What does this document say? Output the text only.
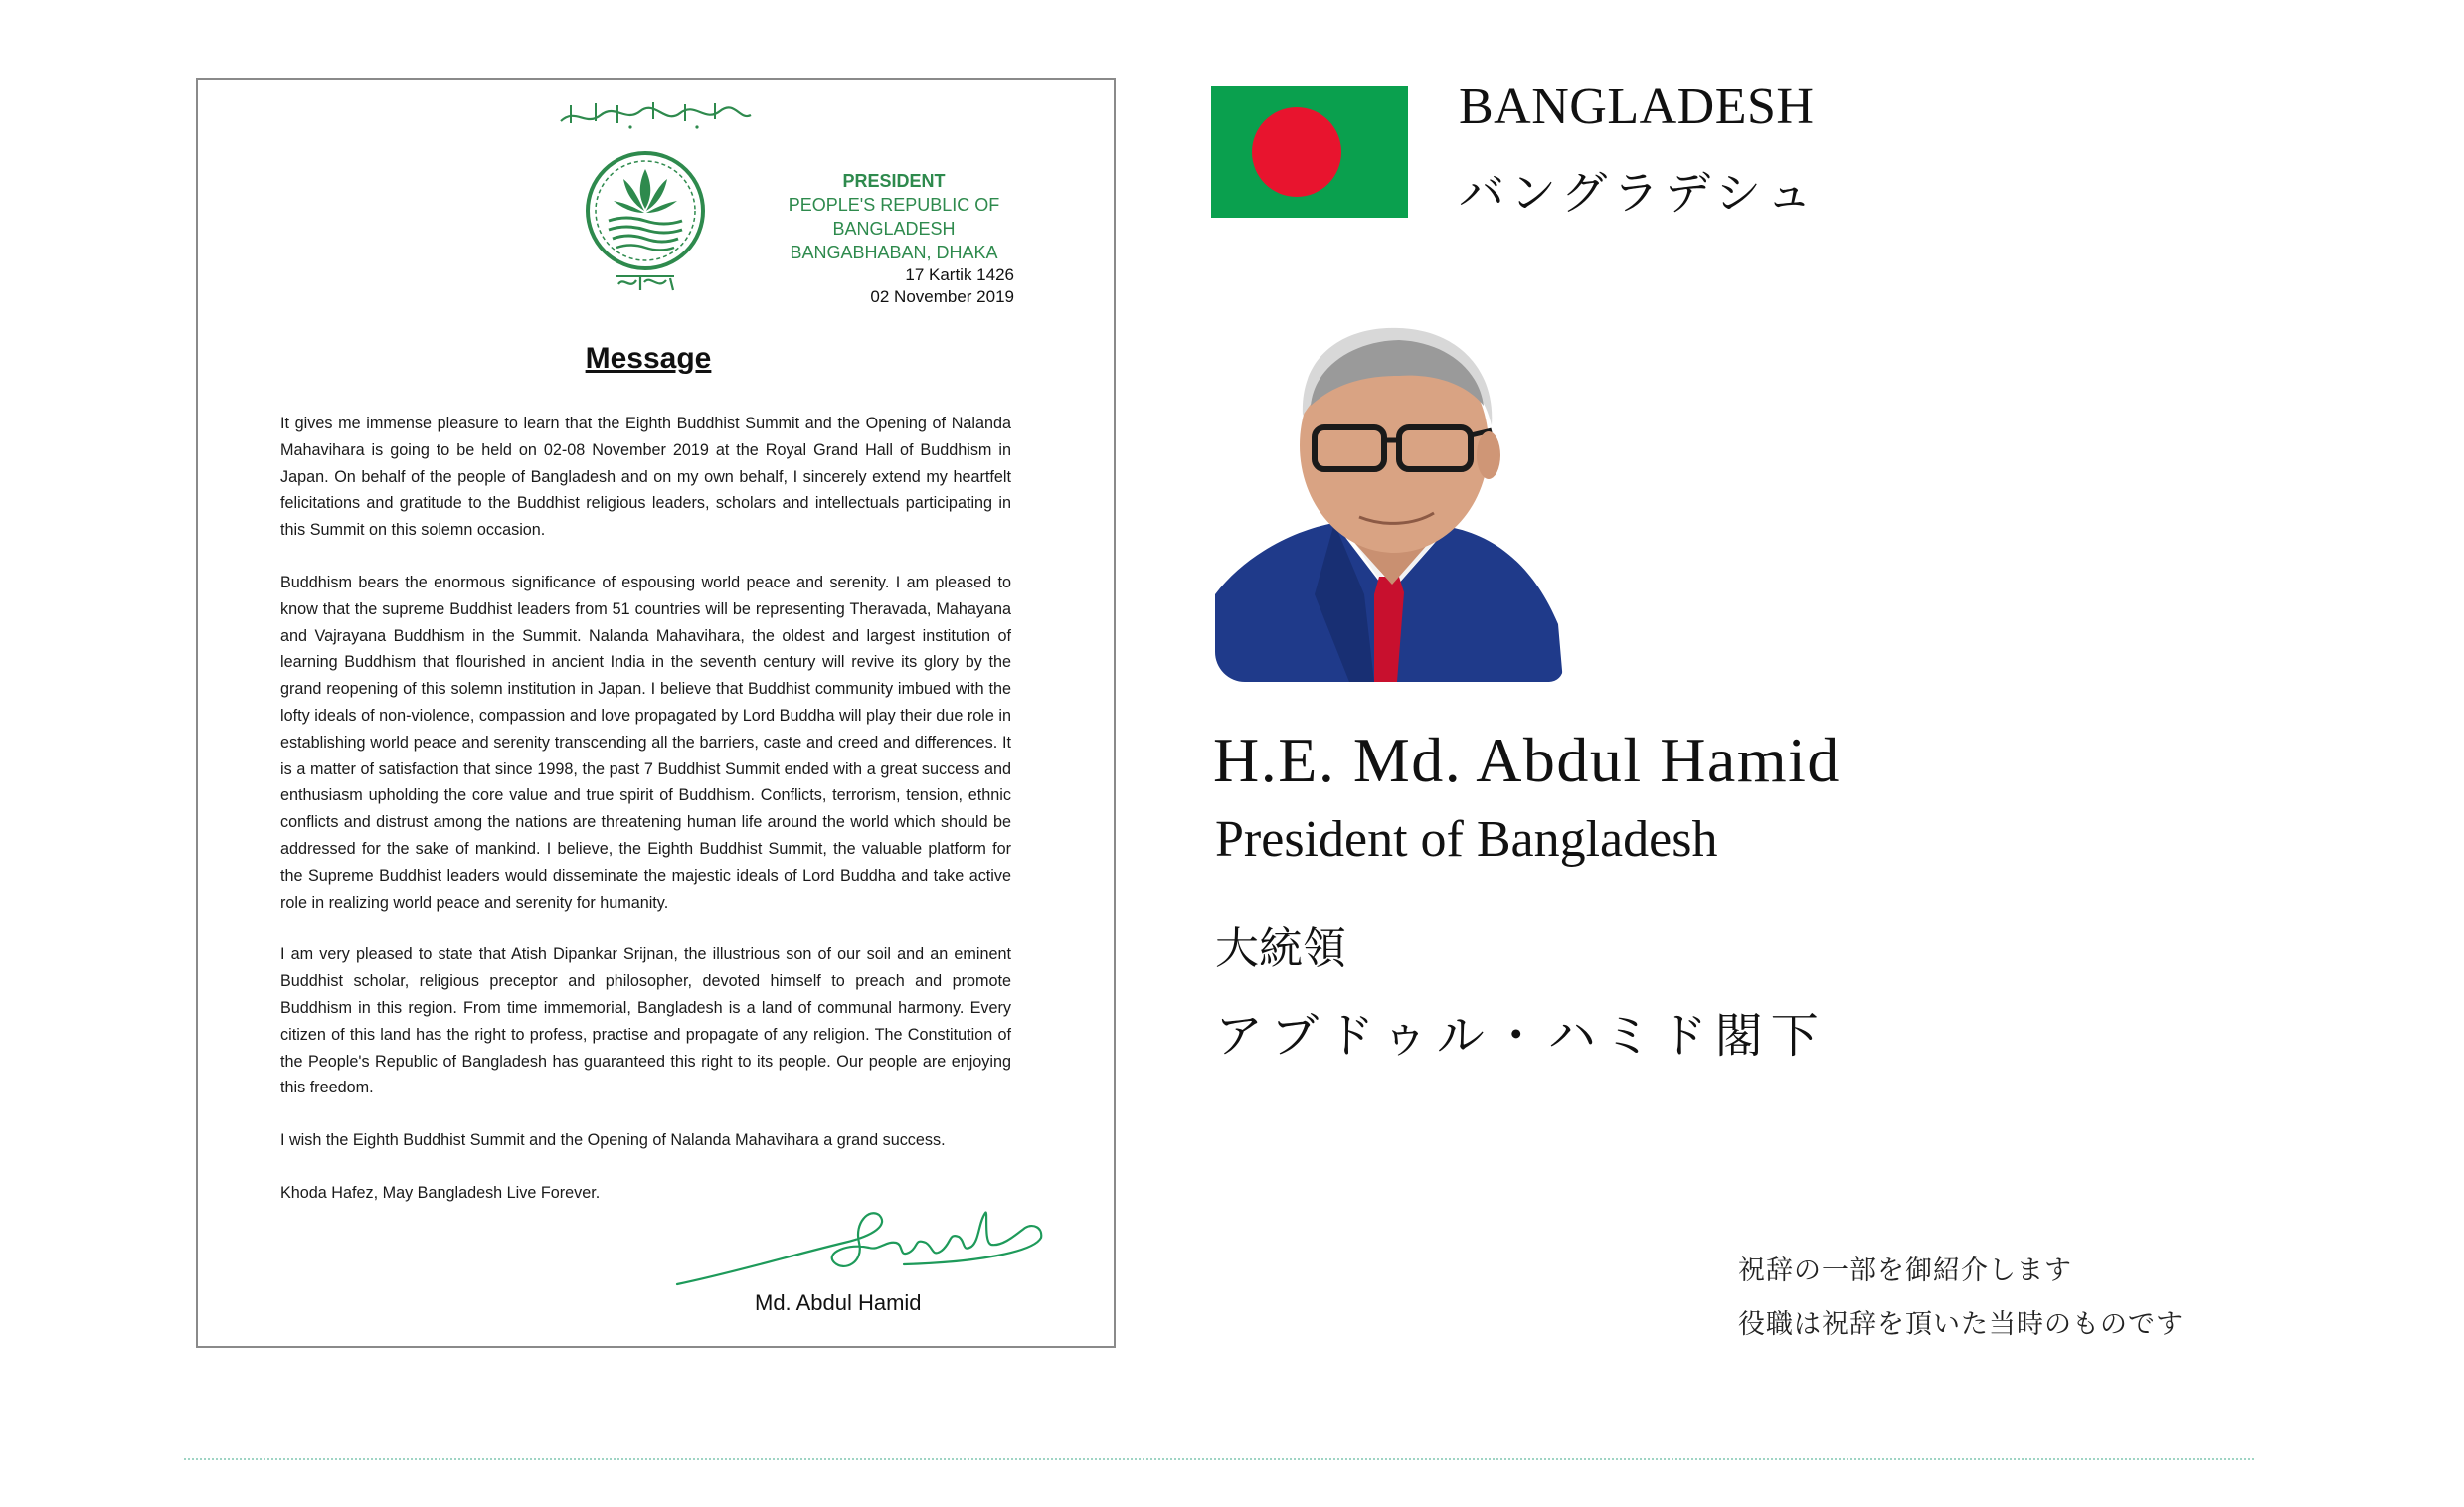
PRESIDENT
PEOPLE'S REPUBLIC OF BANGLADESH
BANGABHABAN, DHAKA
17 Kartik 1426
02 November 2019
Message

It gives me immense pleasure to learn that the Eighth Buddhist Summit and the Opening of Nalanda Mahavihara is going to be held on 02-08 November 2019 at the Royal Grand Hall of Buddhism in Japan. On behalf of the people of Bangladesh and on my own behalf, I sincerely extend my heartfelt felicitations and gratitude to the Buddhist religious leaders, scholars and intellectuals participating in this Summit on this solemn occasion.

Buddhism bears the enormous significance of espousing world peace and serenity. I am pleased to know that the supreme Buddhist leaders from 51 countries will be representing Theravada, Mahayana and Vajrayana Buddhism in the Summit. Nalanda Mahavihara, the oldest and largest institution of learning Buddhism that flourished in ancient India in the seventh century will revive its glory by the grand reopening of this solemn institution in Japan. I believe that Buddhist community imbued with the lofty ideals of non-violence, compassion and love propagated by Lord Buddha will play their due role in establishing world peace and serenity transcending all the barriers, caste and creed and differences. It is a matter of satisfaction that since 1998, the past 7 Buddhist Summit ended with a great success and enthusiasm upholding the core value and true spirit of Buddhism. Conflicts, terrorism, tension, ethnic conflicts and distrust among the nations are threatening human life around the world which should be addressed for the sake of mankind. I believe, the Eighth Buddhist Summit, the valuable platform for the Supreme Buddhist leaders would disseminate the majestic ideals of Lord Buddha and take active role in realizing world peace and serenity for humanity.

I am very pleased to state that Atish Dipankar Srijnan, the illustrious son of our soil and an eminent Buddhist scholar, religious preceptor and philosopher, devoted himself to preach and promote Buddhism in this region. From time immemorial, Bangladesh is a land of communal harmony. Every citizen of this land has the right to profess, practise and propagate of any religion. The Constitution of the People's Republic of Bangladesh has guaranteed this right to its people. Our people are enjoying this freedom.

I wish the Eighth Buddhist Summit and the Opening of Nalanda Mahavihara a grand success.

Khoda Hafez, May Bangladesh Live Forever.

Md. Abdul Hamid
BANGLADESH
バングラデシュ
H.E. Md. Abdul Hamid
President of Bangladesh
大統領
アブドゥル・ハミド閣下
祝辞の一部を御紹介します
役職は祝辞を頂いた当時のものです
